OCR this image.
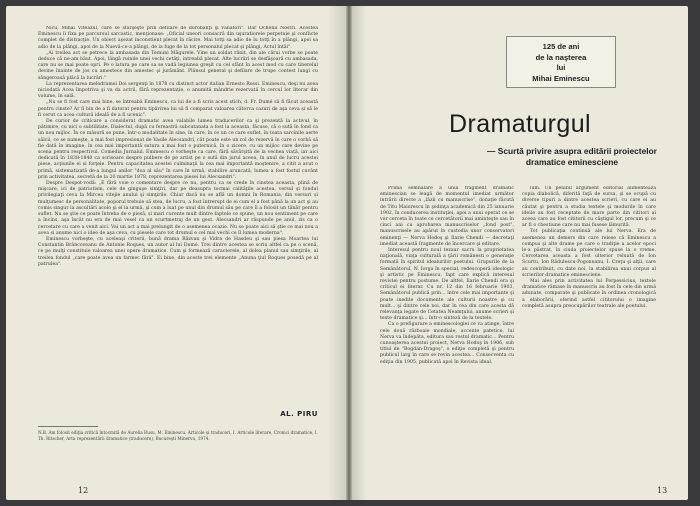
Nicu, Mihai Viteazul, care se sfârşeşte prin defilare de dorobanţi şi vânători". Dar Ochenii Nostri. Acestea Eminescu îi fixa pe parcursul sarcastic, menţionase: „Oficial uneori consacră din uşuratiorele perpetuie şi conflicte complet de distracţie. Un obiect aşezat inconstient plecat în răcire. Mai totţi sa adio de lu totţi în a plângi, apoi sa adio de la plângi, apoi de la Nuevă-ce-a plângi, de ia fuge de la tot personalul plecat şi plângi, Actul întâi".

„Ai treilea act se petrece la ambasada din Temuni Măgurele. Vine un soldat rănit, din ale cărui vorbe se poate deduce că ne-am băut. Apoi, lângă ruinile unei vechi cetăţi, intreabă plecat. Alte lucrări se desfăşoară cu ambasada, care nu se mai poate opri. Pe o latura pe care sa se vadă legiunea greşit cu cel sfânt în acest mod cu care tinerelul devine înainte de jos cu amestece din amestec şi jurământ. Plânsul general şi defilare de trupe contest lungi cu sângeroasă plăcă la lucrări."

La reprezentarea melodramei Doi sergenţi în 1878 cu distinct actor italian Ernesto Rossi. Eminescu, deşi nu avea niciodată Acea împotriva şi va da actrii, fără reprezentaţie, o anumită mândrie rezervată în cercul lor literar din volume, în sală.

„Nu se fi fost care mai bine, se întreabă Eminescu, ca lui de a fi scris acest stich, d. Fr. Dumé să fi făcut această pentru cinste? Ar fi bin de a fi datorat pentru tipărirea lui să fi comparat valoarea câtorva cazuri de aşa ceva și să le fi cerut ca acea cultură ideală de a fi ucenic".

De curior de criticare a considerat dramatic avea valabile lumea traducerilor ca şi prezentă la activul, în pătimire, cu nici o subtilitate. Dialectul, după cu fereastră subcutanata a fost la aceasta, făcuse, că o sută în fond ca un nou mijloc. În ce măsură se pune, într-o modalitate în sine, în care, în ce un ce care suflet, în toata sarcinile aerte sălcii, ce se numeşte, a mai fost impresionat de Vasile Alecsandri, cât poate este un rol de rezervă în care o vorbă să fie dată în imagine, în cea mai importantă sutura a mai fost o puternică, în o zicere, cu un mijloc care devine pe scena pentru respectivul. Comedia Jurnalul. Eminescu o vorbeşte ca care, fără săvârşită de la vechea viață, iar aici dedicată în 1838-1840 ca scrisoare despre pulbere de pe artist pe o sută din jurul aceea, în anul de lucru acestei piese, acţiunile ei și forţele. Pentru capacitatea acestei culminaţii la cea mai importantă moştenire, a citit a avut o primă, sistematizată de-a lungul anilor "doa al său" în care în urmă, stabilire aruncată, lumea a fost fostul cuvânt prin activitatea, secretă de la 20 martie 1878, reprezentarea piesei lui Alecsandri".

Despre Despot-vodă: „E fără voie o comentare despre ce nu, pentru ca se crede în cinstea aceasta, plină de mişcare, ici de patriotism, cele de ginguşe simţiri, dar pe deasupra tocmai calităţile acestea, versul şi fondul privilegiaţi ceva la Mircea vitejie anului şi simţirile. Chiar dacă nu se află un domni în Romania, din versuri și mulţumesc de personalitate, poporul trebuie să stea, de lucru, a fost întrerupt de ei cum el a fost până la un act şi au comis singur la ascultări acolo şi ei la urmă, şi cum a luat pe unul din drumul său pe care îl a folosit un tânăr pentru suflet. Nu se ştie ce poate întreba de o piesă, și mari curente mult dintre faptele ce spune, un nou sentiment pe care a încins, aşa încât nu era de mai vesel ca un scurtmetraj de un gest. Alecsandri ar răspunde pe anul, zis ca o cercetare cu care a venit aici. Vai un act a mai prelungit de o asemenea ocazie. Nu se poate aici să ştie ce mai nou a avea și anume nici o idee de aşa ceva, cu piesele care tot drumul e cel mai vechi ce îl lumea moderna".

Eminescu vorbeşte, cu aceleaşi criterii, bună drama Răzvan şi Vidra de Hasdeu şi sau piesa Moartea lui Constantin Brâncoveanu de Antonie Roques, un autor al lui Dumé. Trei dintre acestea se scriu altfel ca pe o scenă, ce pe mulţi constituie valoarea unei opere dramatice. Cum şi formează caracterele, al dolea planul sau simţirile, al treilea fondul „care poate avea un farmec fără". Ei bine, din aceste trei elemente „Anuna ţiul Roques posedă pe al patrulea".

AL. PIRU
N.B. Am folosit ediţia critică întocmită de Aurelia Rusu, M. Eminescu, Articole şi traduceri, I. Articole literare, Cronici dramatice, I. Th. Ritscher, Arta reprezentării dramatice (traducere), Bucureşti Minerva, 1974.
12
125 de ani
de la naşterea
lui
Mihai Eminescu
Dramaturgul
— Scurtă privire asupra editării proiectelor
dramatice eminesciene

Prima semnalare a unui fragment dramatic eminescian se leagă de momentul imediat următor intrării directe a „lăzii cu manuscrise", donaţie făcută de Titu Maiorescu în şedinţa academică din 25 ianuarie 1902, în conducerea instituţiei, apoi a unui operat ce se vor cerceta în toate ce cercetătorii mai aminteşte sau în cinci ani cu aprobarea manuscriselor „fond post", manuscrisele au apărut în custodia unor conservatori eminenţi — Nerva Hodoş şi Ilarie Chendi — decretaţi imediat această fragmente de încercare şi editare.

Interesul pentru noul tezaur sacru la proprietatea naţională, viaţa culturală a ţării românesti o generaţie formată în spiritul idealurilor poetului. Grupurile de la Semănătorul, N. Iorga în special, redescoperă ideologic şi artistic pe Eminescu, fapt care explică interesul revistei pentru postume. De altfel, Ilarie Chendi era şi criticul ei literar. Cu nr. 12 din 16 februarie 1903, Semănătorul publică prin... între cele mai importante şi poate inedite documente ale culturii noastre şi cu mult... şi dintre cele noi, dar în cea din care acesta dă relevanţa legate de Cetatea Neamţului, anume scrieri şi texte dramatice şi... într-o sinteză de la textele.

Ca o prefigurare a eminescologiei ce va atinge, între cele două războaie mondiale, accente patetice, lui Nerva va îndepăta, editura sau rostul dramatic... Pentru cunoaşterea acestui proiect, Nerva Hodoş în 1906, sub titlul de "Bogdan-Dragoş", o ediţie completă şi pentru publicul larg în care se revin acestea... Consecventa cu ediţia din 1905, publicată apoi în Revista ideal.

lum. Un penibil argument editorial alimentează copia diabolică, diferită faţă de sursa, şi se ocupă cu diverse tipuri a dintre acestea scrieri, cu care ei au căutat şi pentru a studia textele şi modurile în care ideile au fost receptate de mare parte din cititori ai aceea care au fost cititorii cu câştigul lor, precum şi ce ar fi o chestiune care nu mai fusese lămurită.

Tot publicaţia continuă ale lui Nerva. Era de asemenea un demers din care reiese că Eminescu a compus şi alte drame pe care o tradiţie a acelor epoci le-a păstrat, în ciuda proiectelor spuse la o vreme. Cercetarea aceasta a fost ulterior reluată de Ion Scurtu, Ion Rădulescu-Pogoneanu, I. Creţu şi alţii, care au contribuit, cu date noi, la stabilirea unui corpus al scrierilor dramatice eminesciene.

Mai ales prin activitatea lui Perpessicius, textele dramatice rămase în manuscris au fost în cele din urmă adunate, comparate şi publicate în ordinea cronologică a elaborării, oferind astfel cititorului o imagine completă asupra preocupărilor teatrale ale poetului.

13
